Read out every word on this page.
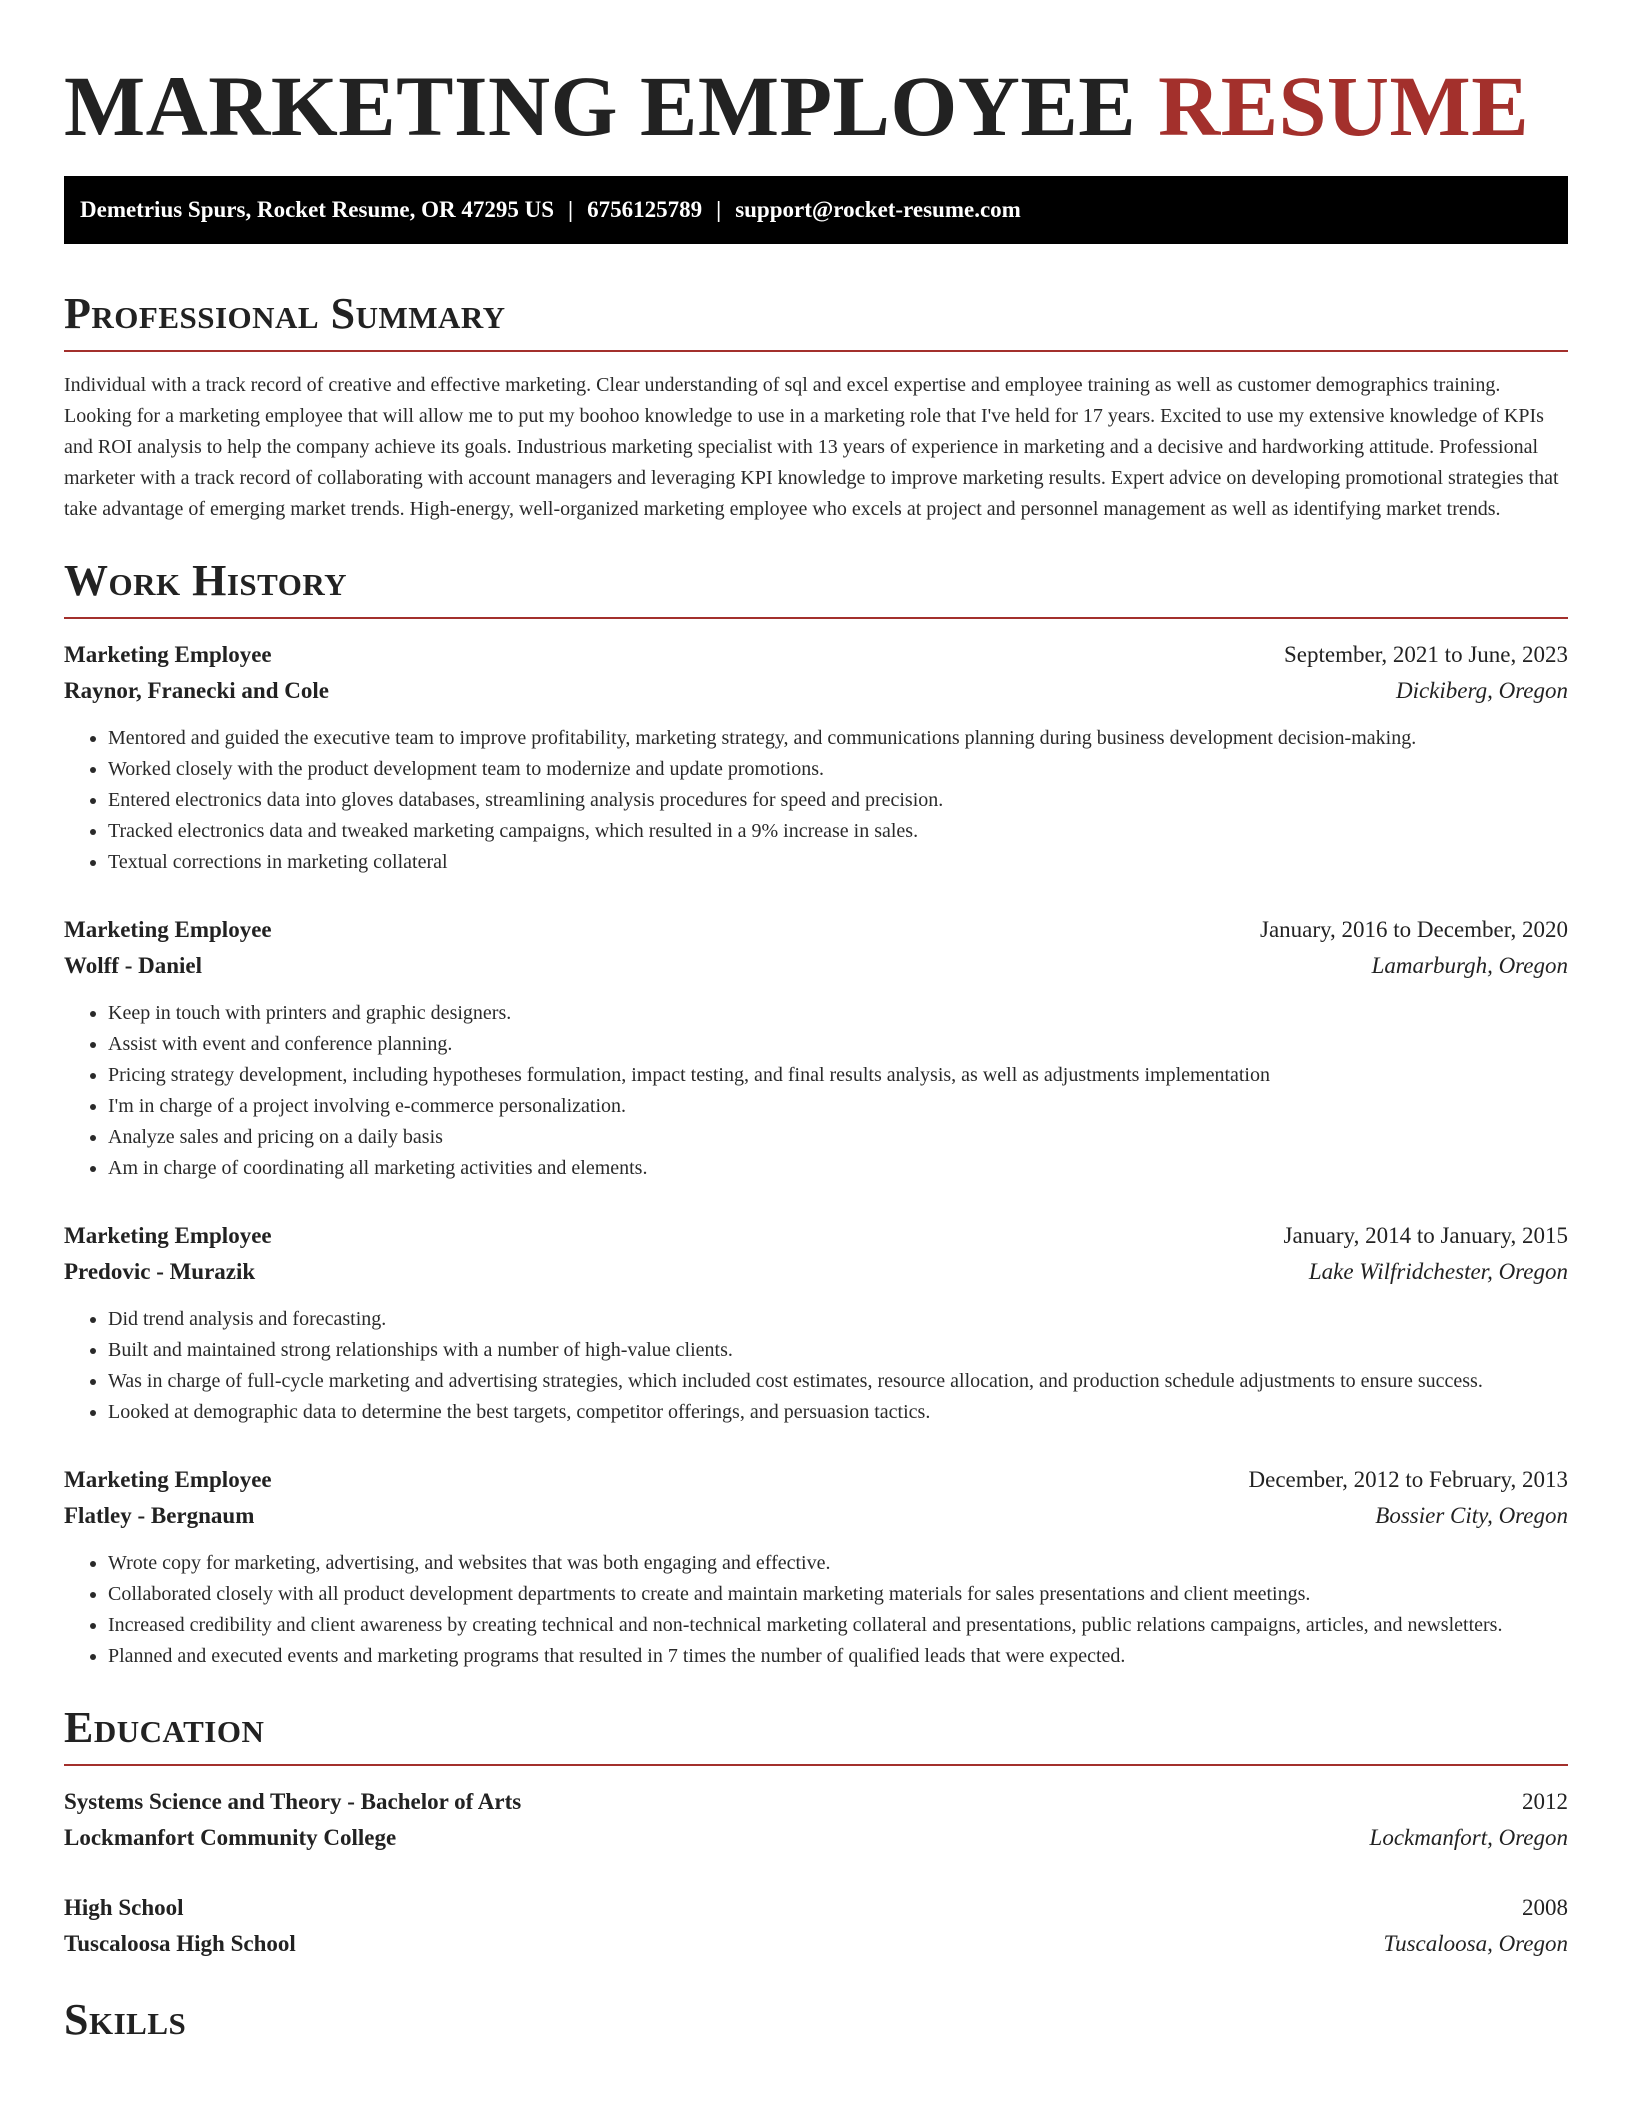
MARKETING EMPLOYEE RESUME
Demetrius Spurs, Rocket Resume, OR 47295 US | 6756125789 | support@rocket-resume.com
Professional Summary

Individual with a track record of creative and effective marketing. Clear understanding of sql and excel expertise and employee training as well as customer demographics training. Looking for a marketing employee that will allow me to put my boohoo knowledge to use in a marketing role that I've held for 17 years. Excited to use my extensive knowledge of KPIs and ROI analysis to help the company achieve its goals. Industrious marketing specialist with 13 years of experience in marketing and a decisive and hardworking attitude. Professional marketer with a track record of collaborating with account managers and leveraging KPI knowledge to improve marketing results. Expert advice on developing promotional strategies that take advantage of emerging market trends. High-energy, well-organized marketing employee who excels at project and personnel management as well as identifying market trends.

Work History
Marketing Employee	September, 2021 to June, 2023
Raynor, Franecki and Cole	Dickiberg, Oregon
• Mentored and guided the executive team to improve profitability, marketing strategy, and communications planning during business development decision-making.
• Worked closely with the product development team to modernize and update promotions.
• Entered electronics data into gloves databases, streamlining analysis procedures for speed and precision.
• Tracked electronics data and tweaked marketing campaigns, which resulted in a 9% increase in sales.
• Textual corrections in marketing collateral
Marketing Employee	January, 2016 to December, 2020
Wolff - Daniel	Lamarburgh, Oregon
• Keep in touch with printers and graphic designers.
• Assist with event and conference planning.
• Pricing strategy development, including hypotheses formulation, impact testing, and final results analysis, as well as adjustments implementation
• I'm in charge of a project involving e-commerce personalization.
• Analyze sales and pricing on a daily basis
• Am in charge of coordinating all marketing activities and elements.
Marketing Employee	January, 2014 to January, 2015
Predovic - Murazik	Lake Wilfridchester, Oregon
• Did trend analysis and forecasting.
• Built and maintained strong relationships with a number of high-value clients.
• Was in charge of full-cycle marketing and advertising strategies, which included cost estimates, resource allocation, and production schedule adjustments to ensure success.
• Looked at demographic data to determine the best targets, competitor offerings, and persuasion tactics.
Marketing Employee	December, 2012 to February, 2013
Flatley - Bergnaum	Bossier City, Oregon
• Wrote copy for marketing, advertising, and websites that was both engaging and effective.
• Collaborated closely with all product development departments to create and maintain marketing materials for sales presentations and client meetings.
• Increased credibility and client awareness by creating technical and non-technical marketing collateral and presentations, public relations campaigns, articles, and newsletters.
• Planned and executed events and marketing programs that resulted in 7 times the number of qualified leads that were expected.
Education
Systems Science and Theory - Bachelor of Arts	2012
Lockmanfort Community College	Lockmanfort, Oregon
High School	2008
Tuscaloosa High School	Tuscaloosa, Oregon
Skills
